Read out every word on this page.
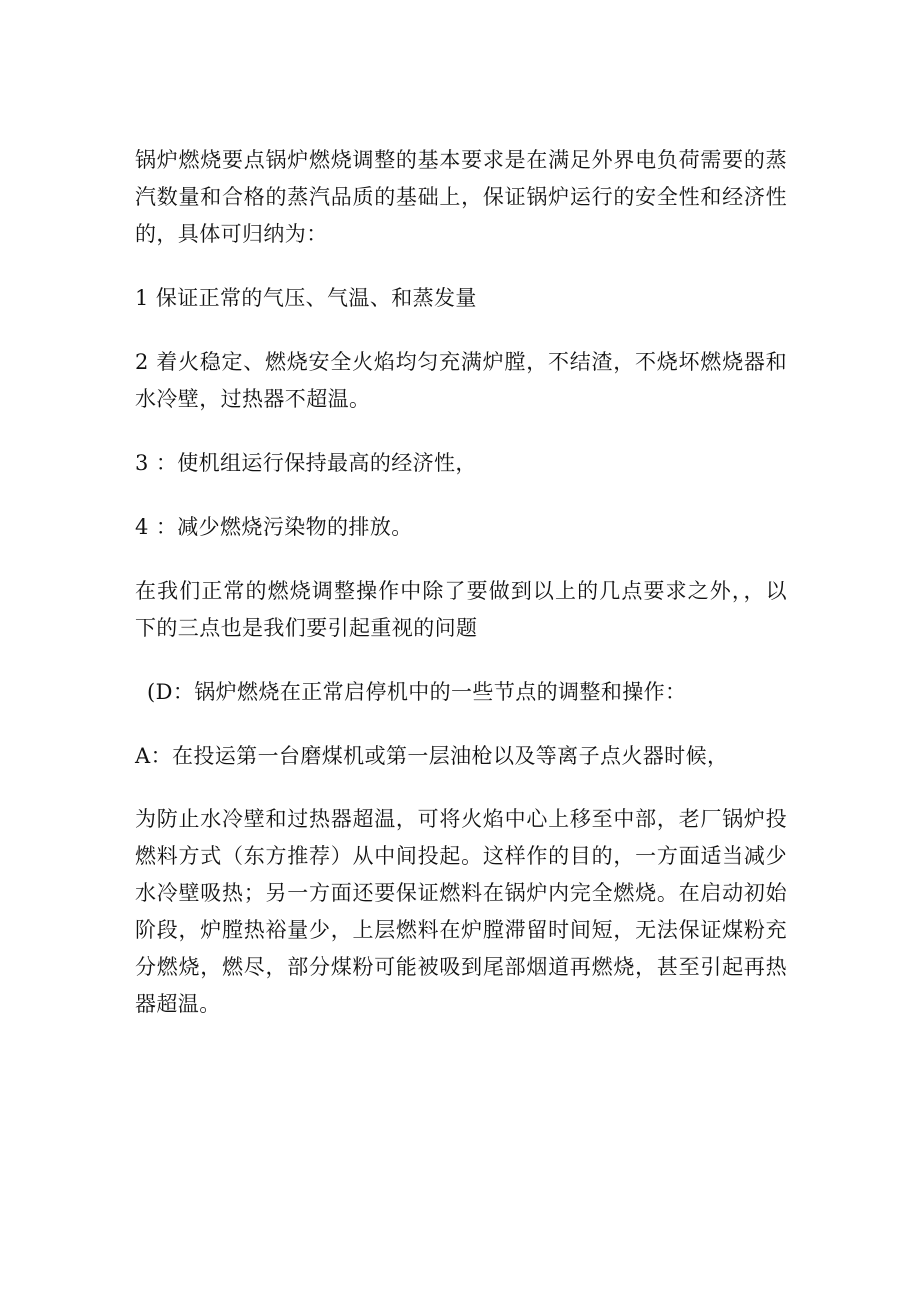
锅炉燃烧要点锅炉燃烧调整的基本要求是在满足外界电负荷需要的蒸汽数量和合格的蒸汽品质的基础上，保证锅炉运行的安全性和经济性的，具体可归纳为：

1 保证正常的气压、气温、和蒸发量

2 着火稳定、燃烧安全火焰均匀充满炉膛，不结渣，不烧坏燃烧器和水冷壁，过热器不超温。

3 ：使机组运行保持最高的经济性，

4 ：减少燃烧污染物的排放。

在我们正常的燃烧调整操作中除了要做到以上的几点要求之外，，以下的三点也是我们要引起重视的问题

(D：锅炉燃烧在正常启停机中的一些节点的调整和操作：

A：在投运第一台磨煤机或第一层油枪以及等离子点火器时候，

为防止水冷壁和过热器超温，可将火焰中心上移至中部，老厂锅炉投燃料方式（东方推荐）从中间投起。这样作的目的，一方面适当减少水冷壁吸热；另一方面还要保证燃料在锅炉内完全燃烧。在启动初始阶段，炉膛热裕量少，上层燃料在炉膛滞留时间短，无法保证煤粉充分燃烧，燃尽，部分煤粉可能被吸到尾部烟道再燃烧，甚至引起再热器超温。
